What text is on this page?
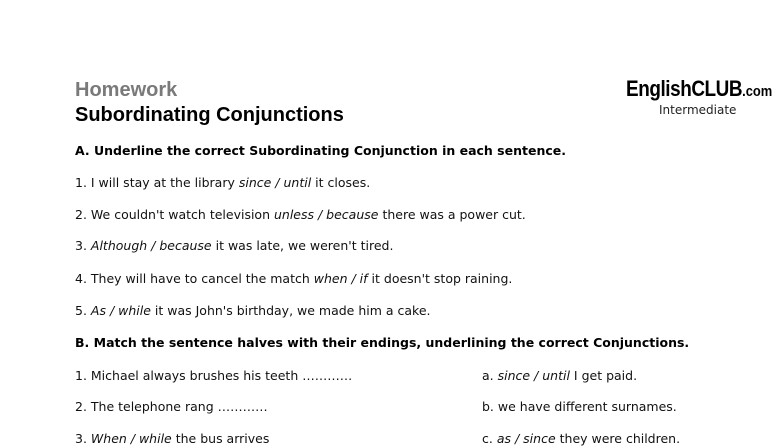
Homework
Subordinating Conjunctions
EnglishCLUB.com
Intermediate
A. Underline the correct Subordinating Conjunction in each sentence.
1. I will stay at the library since / until it closes.
2. We couldn't watch television unless / because there was a power cut.
3. Although / because it was late, we weren't tired.
4. They will have to cancel the match when / if it doesn't stop raining.
5. As / while it was John's birthday, we made him a cake.
B. Match the sentence halves with their endings, underlining the correct Conjunctions.
1. Michael always brushes his teeth …………	a. since / until I get paid.
2. The telephone rang …………	b. we have different surnames.
3. When / while the bus arrives	c. as / since they were children.
